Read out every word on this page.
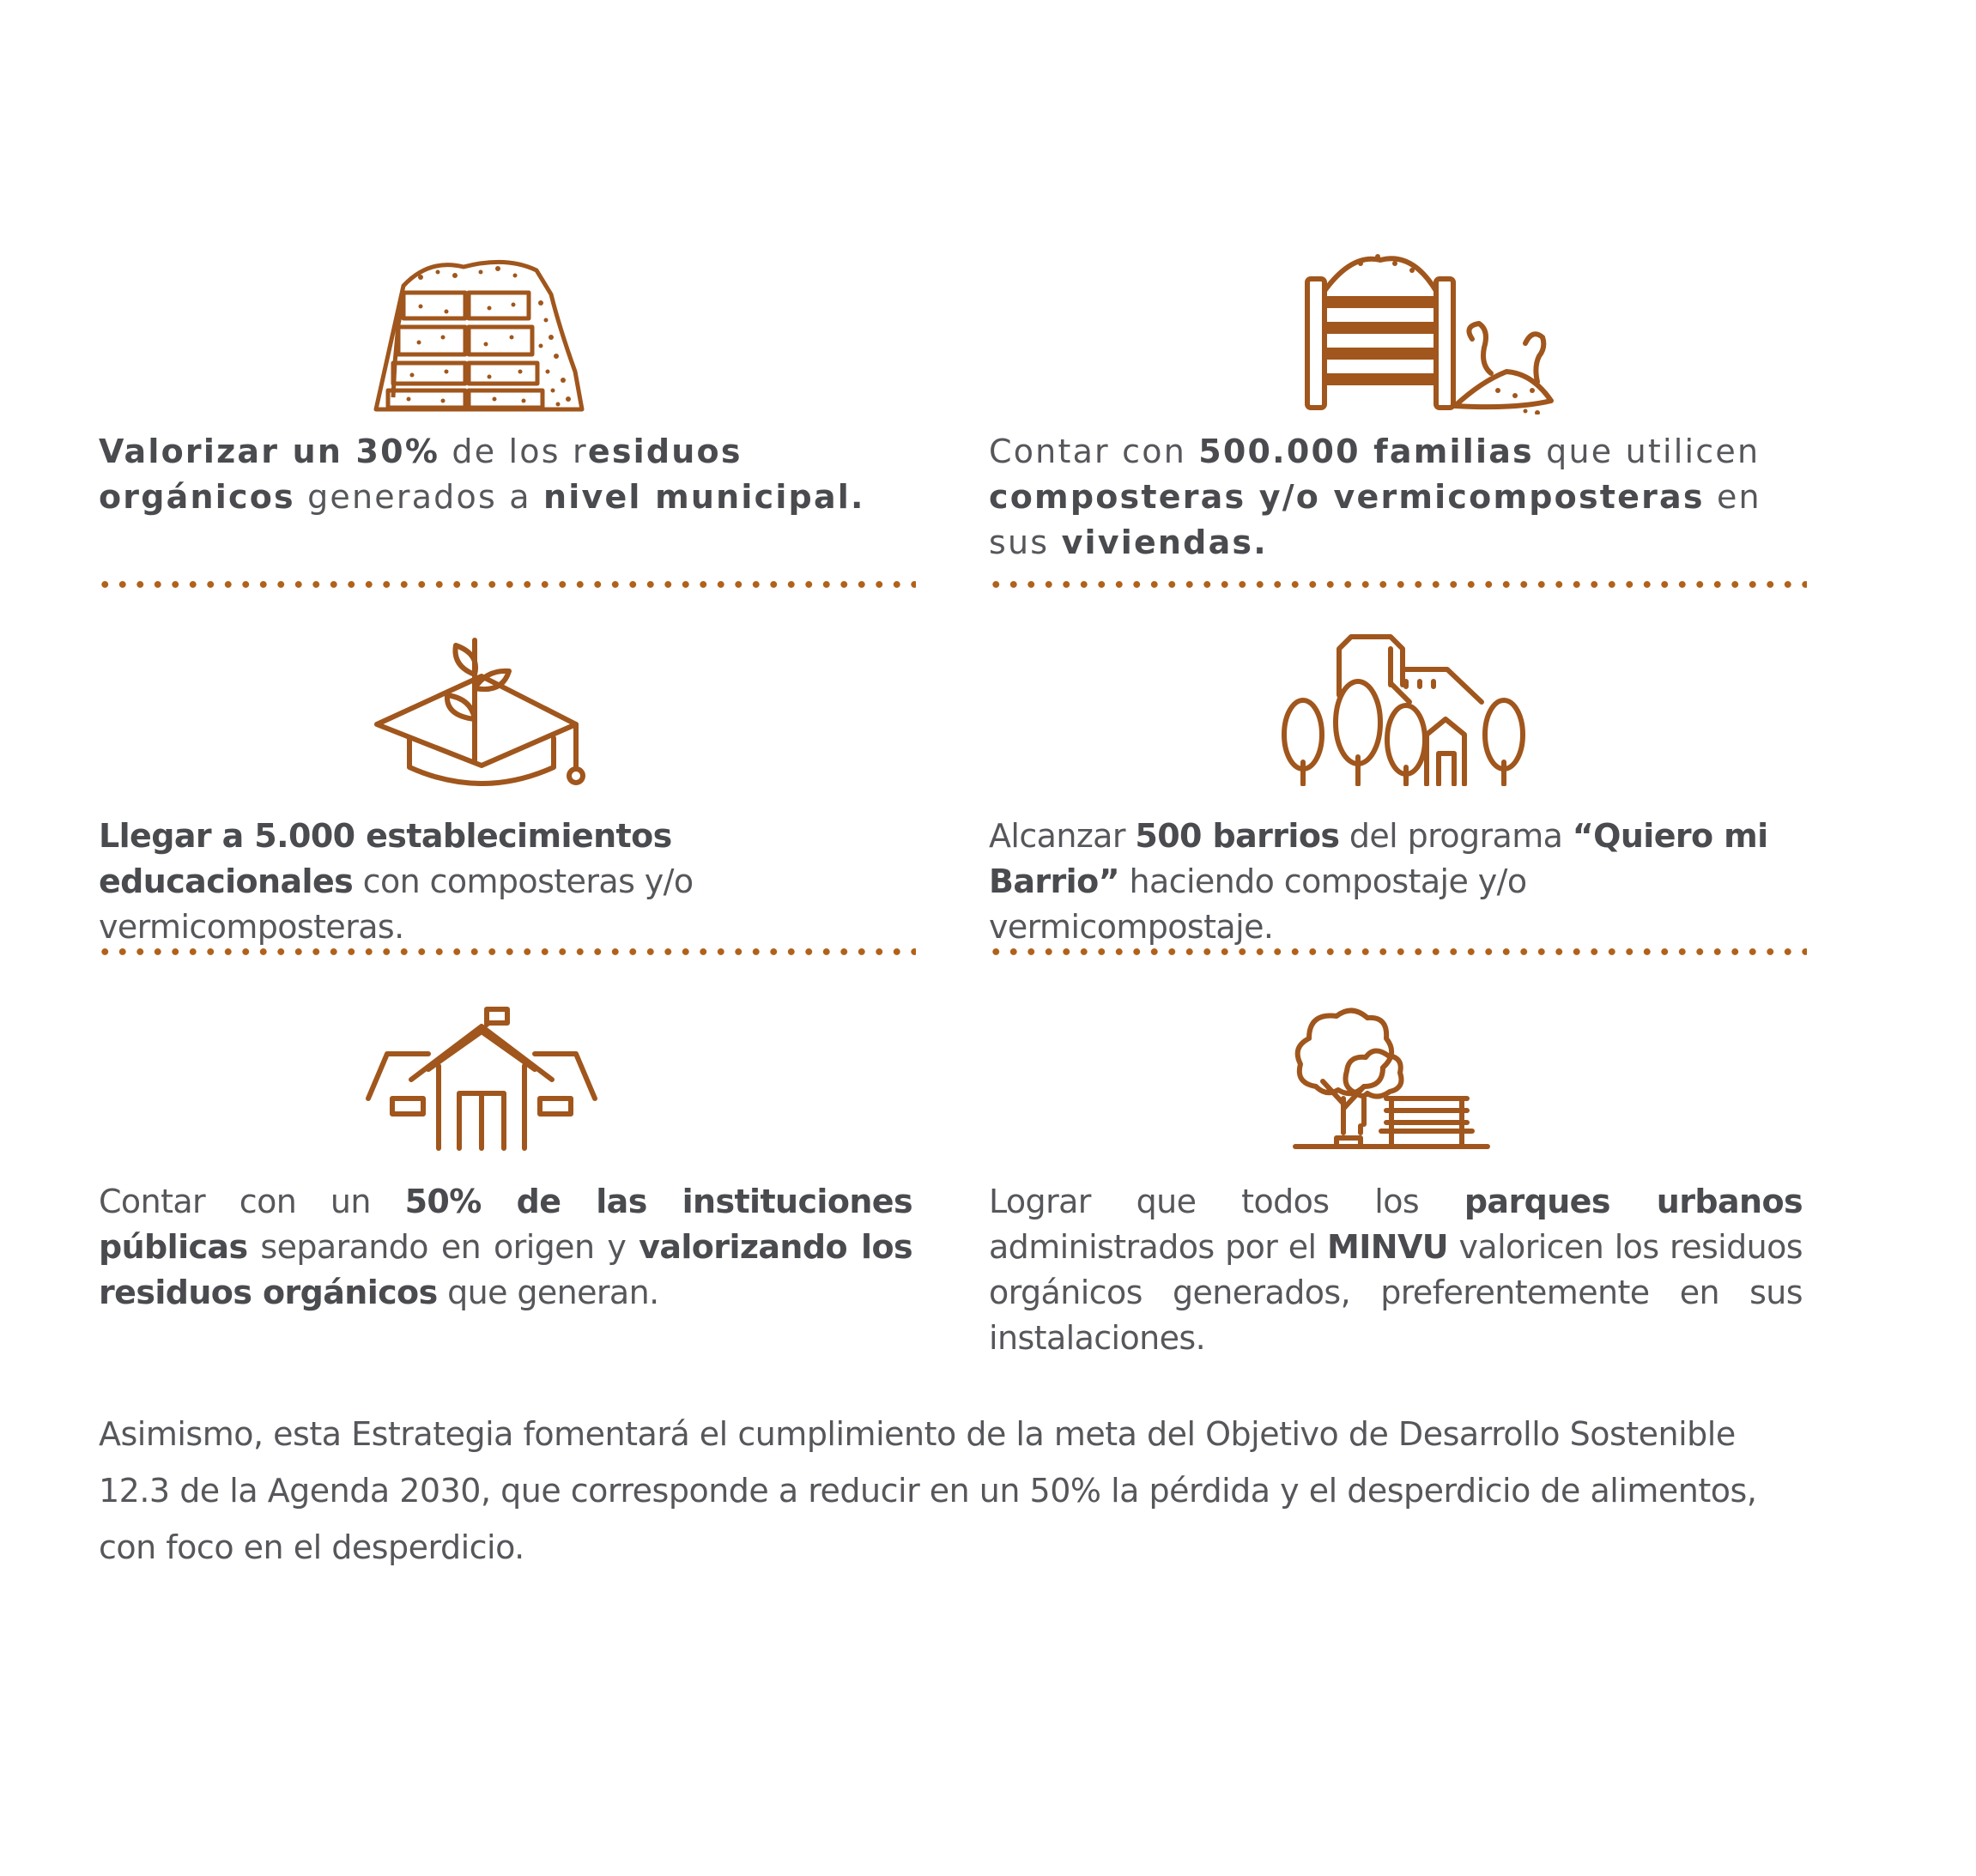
Valorizar un 30% de los residuos orgánicos generados a nivel municipal.

Contar con 500.000 familias que utilicen composteras y/o vermicomposteras en sus viviendas.

Llegar a 5.000 establecimientos educacionales con composteras y/o vermicomposteras.

Alcanzar 500 barrios del programa “Quiero mi Barrio” haciendo compostaje y/o vermicompostaje.

Contar con un 50% de las instituciones públicas separando en origen y valorizando los residuos orgánicos que generan.

Lograr que todos los parques urbanos administrados por el MINVU valoricen los residuos orgánicos generados, preferentemente en sus instalaciones.

Asimismo, esta Estrategia fomentará el cumplimiento de la meta del Objetivo de Desarrollo Sostenible 12.3 de la Agenda 2030, que corresponde a reducir en un 50% la pérdida y el desperdicio de alimentos, con foco en el desperdicio.
